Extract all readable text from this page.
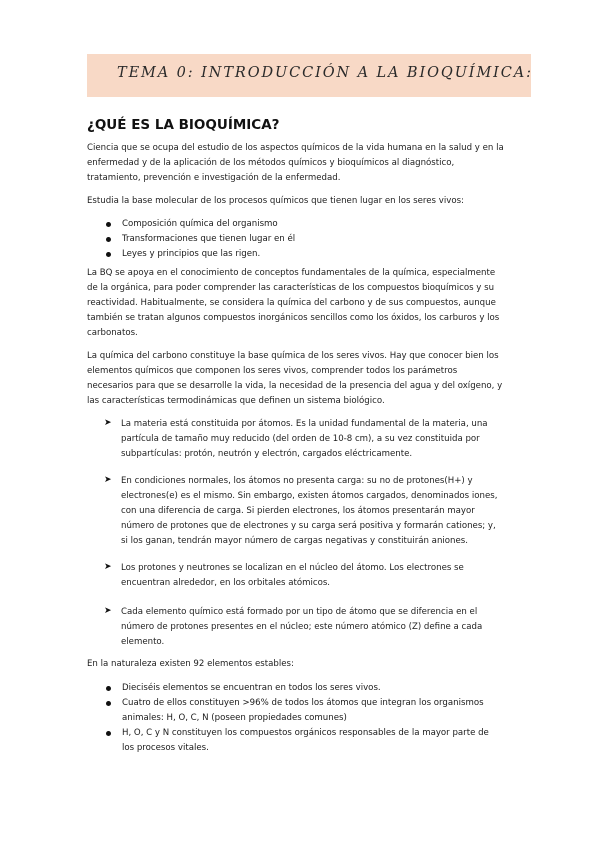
TEMA 0: INTRODUCCIÓN A LA BIOQUÍMICA:
¿QUÉ ES LA BIOQUÍMICA?

Ciencia que se ocupa del estudio de los aspectos químicos de la vida humana en la salud y en la
enfermedad y de la aplicación de los métodos químicos y bioquímicos al diagnóstico,
tratamiento, prevención e investigación de la enfermedad.

Estudia la base molecular de los procesos químicos que tienen lugar en los seres vivos:

Composición química del organismo
Transformaciones que tienen lugar en él
Leyes y principios que las rigen.

La BQ se apoya en el conocimiento de conceptos fundamentales de la química, especialmente
de la orgánica, para poder comprender las características de los compuestos bioquímicos y su
reactividad. Habitualmente, se considera la química del carbono y de sus compuestos, aunque
también se tratan algunos compuestos inorgánicos sencillos como los óxidos, los carburos y los
carbonatos.

La química del carbono constituye la base química de los seres vivos. Hay que conocer bien los
elementos químicos que componen los seres vivos, comprender todos los parámetros
necesarios para que se desarrolle la vida, la necesidad de la presencia del agua y del oxígeno, y
las características termodinámicas que definen un sistema biológico.

➤ La materia está constituida por átomos. Es la unidad fundamental de la materia, una
partícula de tamaño muy reducido (del orden de 10-8 cm), a su vez constituida por
subpartículas: protón, neutrón y electrón, cargados eléctricamente.
➤ En condiciones normales, los átomos no presenta carga: su no de protones(H+) y
electrones(e) es el mismo. Sin embargo, existen átomos cargados, denominados iones,
con una diferencia de carga. Si pierden electrones, los átomos presentarán mayor
número de protones que de electrones y su carga será positiva y formarán cationes; y,
si los ganan, tendrán mayor número de cargas negativas y constituirán aniones.
➤ Los protones y neutrones se localizan en el núcleo del átomo. Los electrones se
encuentran alrededor, en los orbitales atómicos.
➤ Cada elemento químico está formado por un tipo de átomo que se diferencia en el
número de protones presentes en el núcleo; este número atómico (Z) define a cada
elemento.

En la naturaleza existen 92 elementos estables:

Dieciséis elementos se encuentran en todos los seres vivos.
Cuatro de ellos constituyen >96% de todos los átomos que integran los organismos
animales: H, O, C, N (poseen propiedades comunes)
H, O, C y N constituyen los compuestos orgánicos responsables de la mayor parte de
los procesos vitales.
